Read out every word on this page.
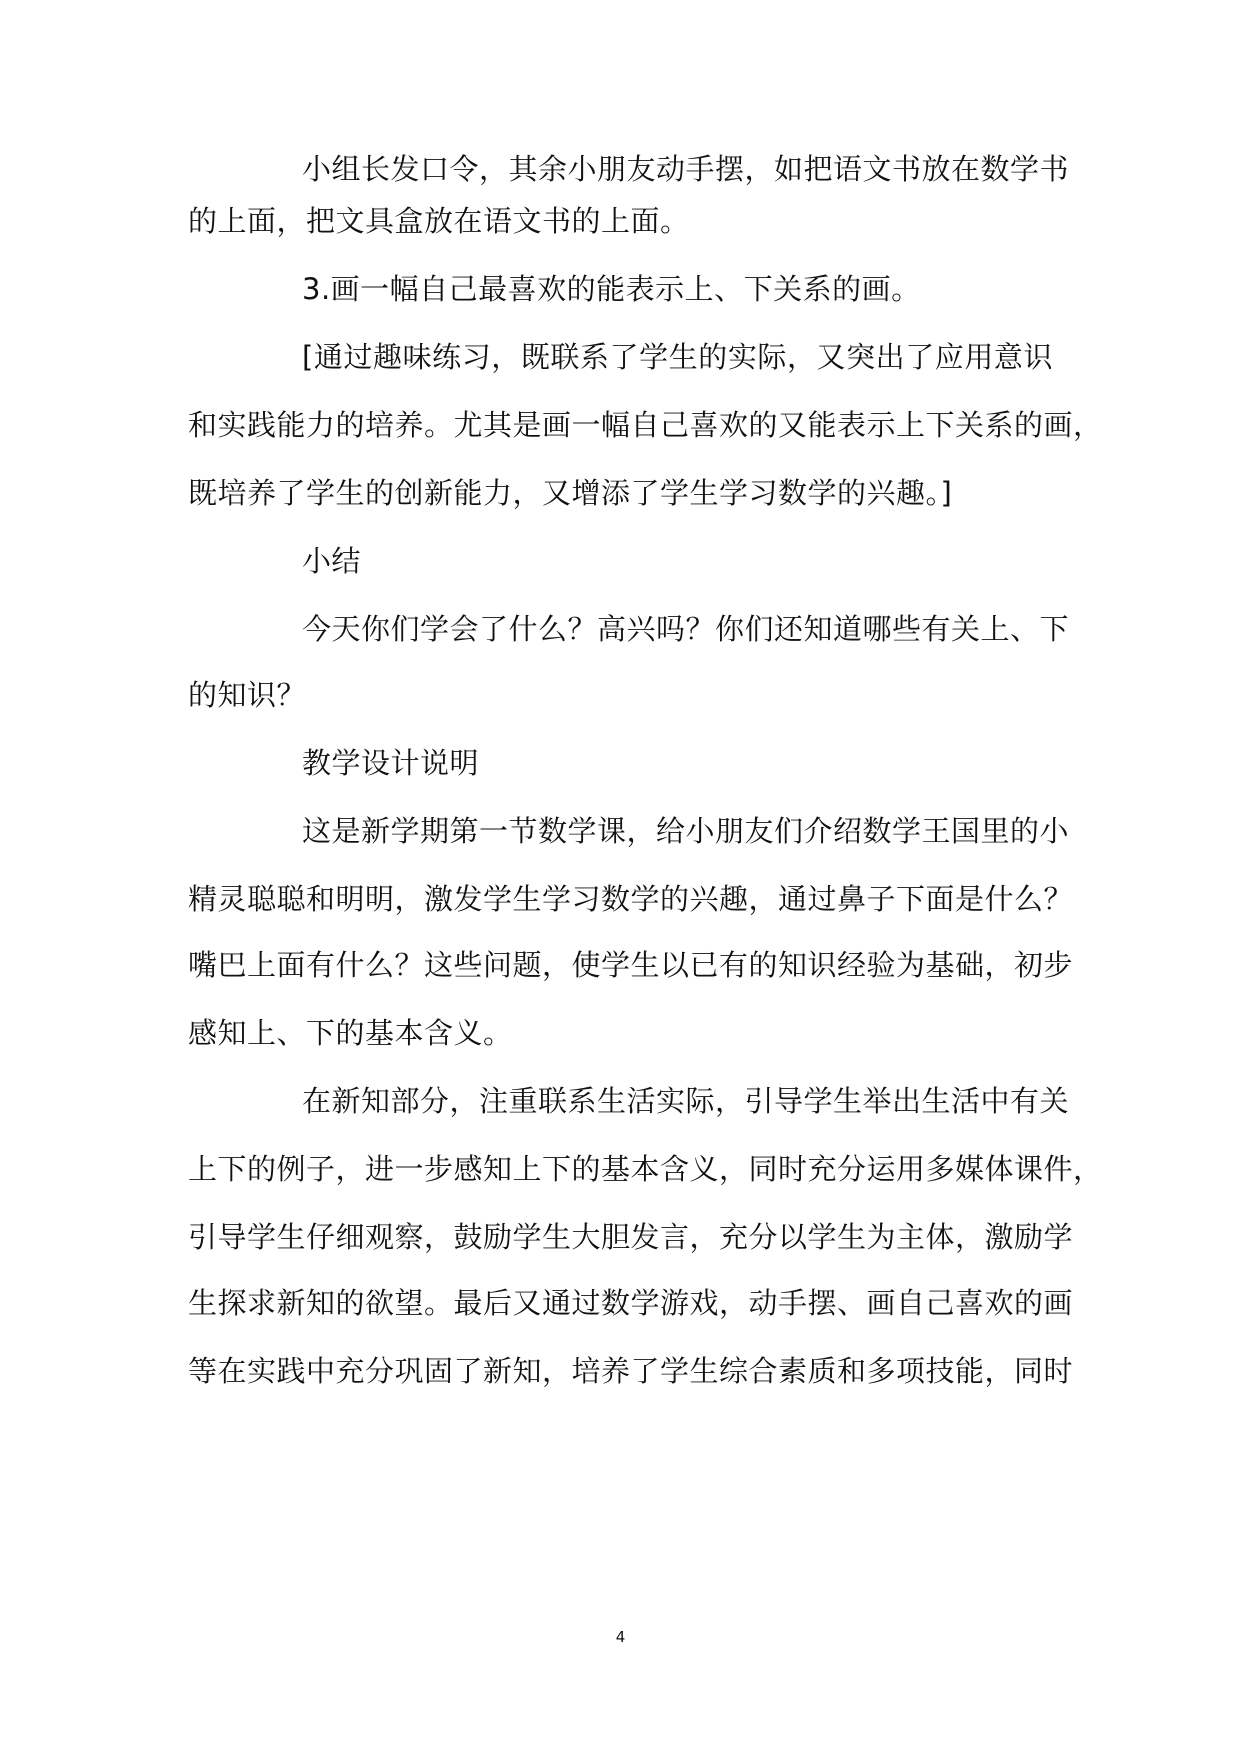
小组长发口令，其余小朋友动手摆，如把语文书放在数学书
的上面，把文具盒放在语文书的上面。
3.画一幅自己最喜欢的能表示上、下关系的画。
[通过趣味练习，既联系了学生的实际，又突出了应用意识
和实践能力的培养。尤其是画一幅自己喜欢的又能表示上下关系的画，
既培养了学生的创新能力，又增添了学生学习数学的兴趣。]
小结
今天你们学会了什么？高兴吗？你们还知道哪些有关上、下
的知识？
教学设计说明
这是新学期第一节数学课，给小朋友们介绍数学王国里的小
精灵聪聪和明明，激发学生学习数学的兴趣，通过鼻子下面是什么？
嘴巴上面有什么？这些问题，使学生以已有的知识经验为基础，初步
感知上、下的基本含义。
在新知部分，注重联系生活实际，引导学生举出生活中有关
上下的例子，进一步感知上下的基本含义，同时充分运用多媒体课件，
引导学生仔细观察，鼓励学生大胆发言，充分以学生为主体，激励学
生探求新知的欲望。最后又通过数学游戏，动手摆、画自己喜欢的画
等在实践中充分巩固了新知，培养了学生综合素质和多项技能，同时
4
